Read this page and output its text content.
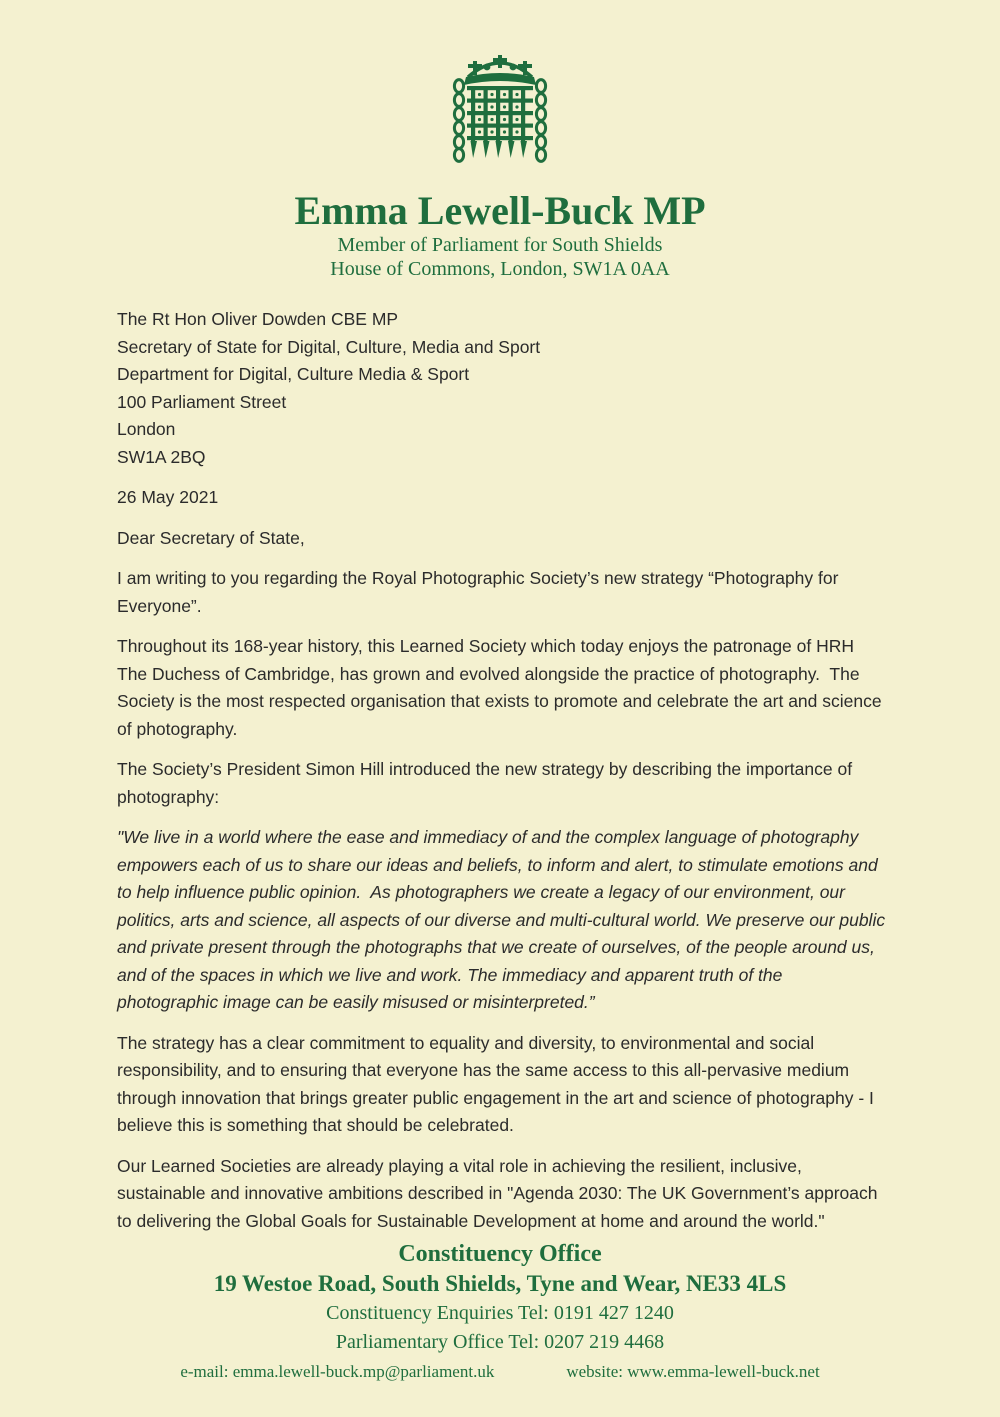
Emma Lewell-Buck MP
Member of Parliament for South Shields
House of Commons, London, SW1A 0AA
The Rt Hon Oliver Dowden CBE MP
Secretary of State for Digital, Culture, Media and Sport
Department for Digital, Culture Media & Sport
100 Parliament Street
London
SW1A 2BQ
26 May 2021
Dear Secretary of State,
I am writing to you regarding the Royal Photographic Society’s new strategy “Photography for Everyone”.
Throughout its 168-year history, this Learned Society which today enjoys the patronage of HRH The Duchess of Cambridge, has grown and evolved alongside the practice of photography.  The Society is the most respected organisation that exists to promote and celebrate the art and science of photography.
The Society’s President Simon Hill introduced the new strategy by describing the importance of photography:
"We live in a world where the ease and immediacy of and the complex language of photography empowers each of us to share our ideas and beliefs, to inform and alert, to stimulate emotions and to help influence public opinion.  As photographers we create a legacy of our environment, our politics, arts and science, all aspects of our diverse and multi-cultural world. We preserve our public and private present through the photographs that we create of ourselves, of the people around us, and of the spaces in which we live and work. The immediacy and apparent truth of the photographic image can be easily misused or misinterpreted.”
The strategy has a clear commitment to equality and diversity, to environmental and social responsibility, and to ensuring that everyone has the same access to this all-pervasive medium through innovation that brings greater public engagement in the art and science of photography - I believe this is something that should be celebrated.
Our Learned Societies are already playing a vital role in achieving the resilient, inclusive, sustainable and innovative ambitions described in "Agenda 2030: The UK Government’s approach to delivering the Global Goals for Sustainable Development at home and around the world."
Constituency Office
19 Westoe Road, South Shields, Tyne and Wear, NE33 4LS
Constituency Enquiries Tel: 0191 427 1240
Parliamentary Office Tel: 0207 219 4468
e-mail: emma.lewell-buck.mp@parliament.uk	website: www.emma-lewell-buck.net
